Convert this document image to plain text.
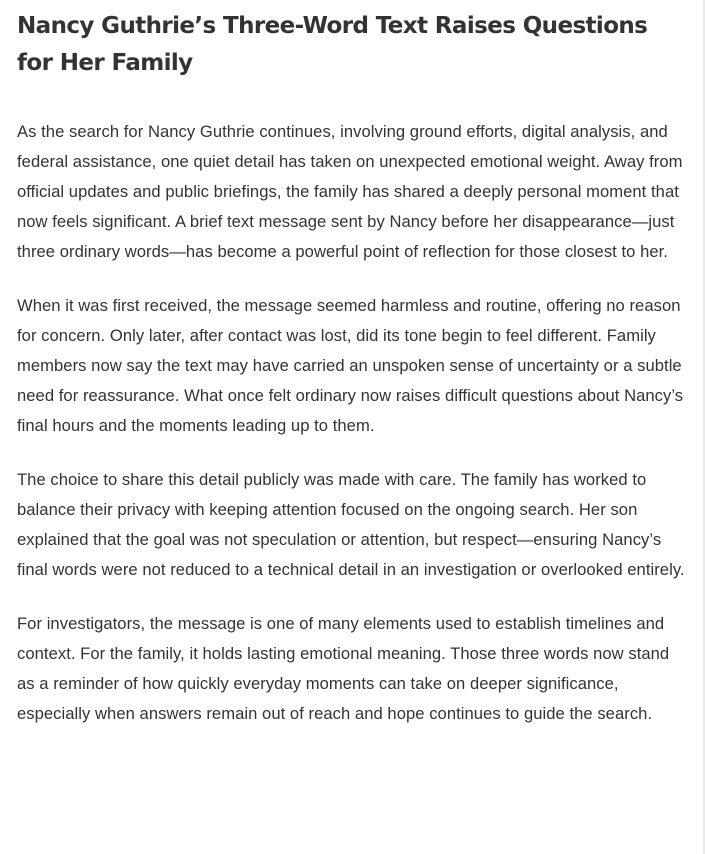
Nancy Guthrie’s Three-Word Text Raises Questions for Her Family

As the search for Nancy Guthrie continues, involving ground efforts, digital analysis, and federal assistance, one quiet detail has taken on unexpected emotional weight. Away from official updates and public briefings, the family has shared a deeply personal moment that now feels significant. A brief text message sent by Nancy before her disappearance—just three ordinary words—has become a powerful point of reflection for those closest to her.

When it was first received, the message seemed harmless and routine, offering no reason for concern. Only later, after contact was lost, did its tone begin to feel different. Family members now say the text may have carried an unspoken sense of uncertainty or a subtle need for reassurance. What once felt ordinary now raises difficult questions about Nancy’s final hours and the moments leading up to them.

The choice to share this detail publicly was made with care. The family has worked to balance their privacy with keeping attention focused on the ongoing search. Her son explained that the goal was not speculation or attention, but respect—ensuring Nancy’s final words were not reduced to a technical detail in an investigation or overlooked entirely.

For investigators, the message is one of many elements used to establish timelines and context. For the family, it holds lasting emotional meaning. Those three words now stand as a reminder of how quickly everyday moments can take on deeper significance, especially when answers remain out of reach and hope continues to guide the search.
